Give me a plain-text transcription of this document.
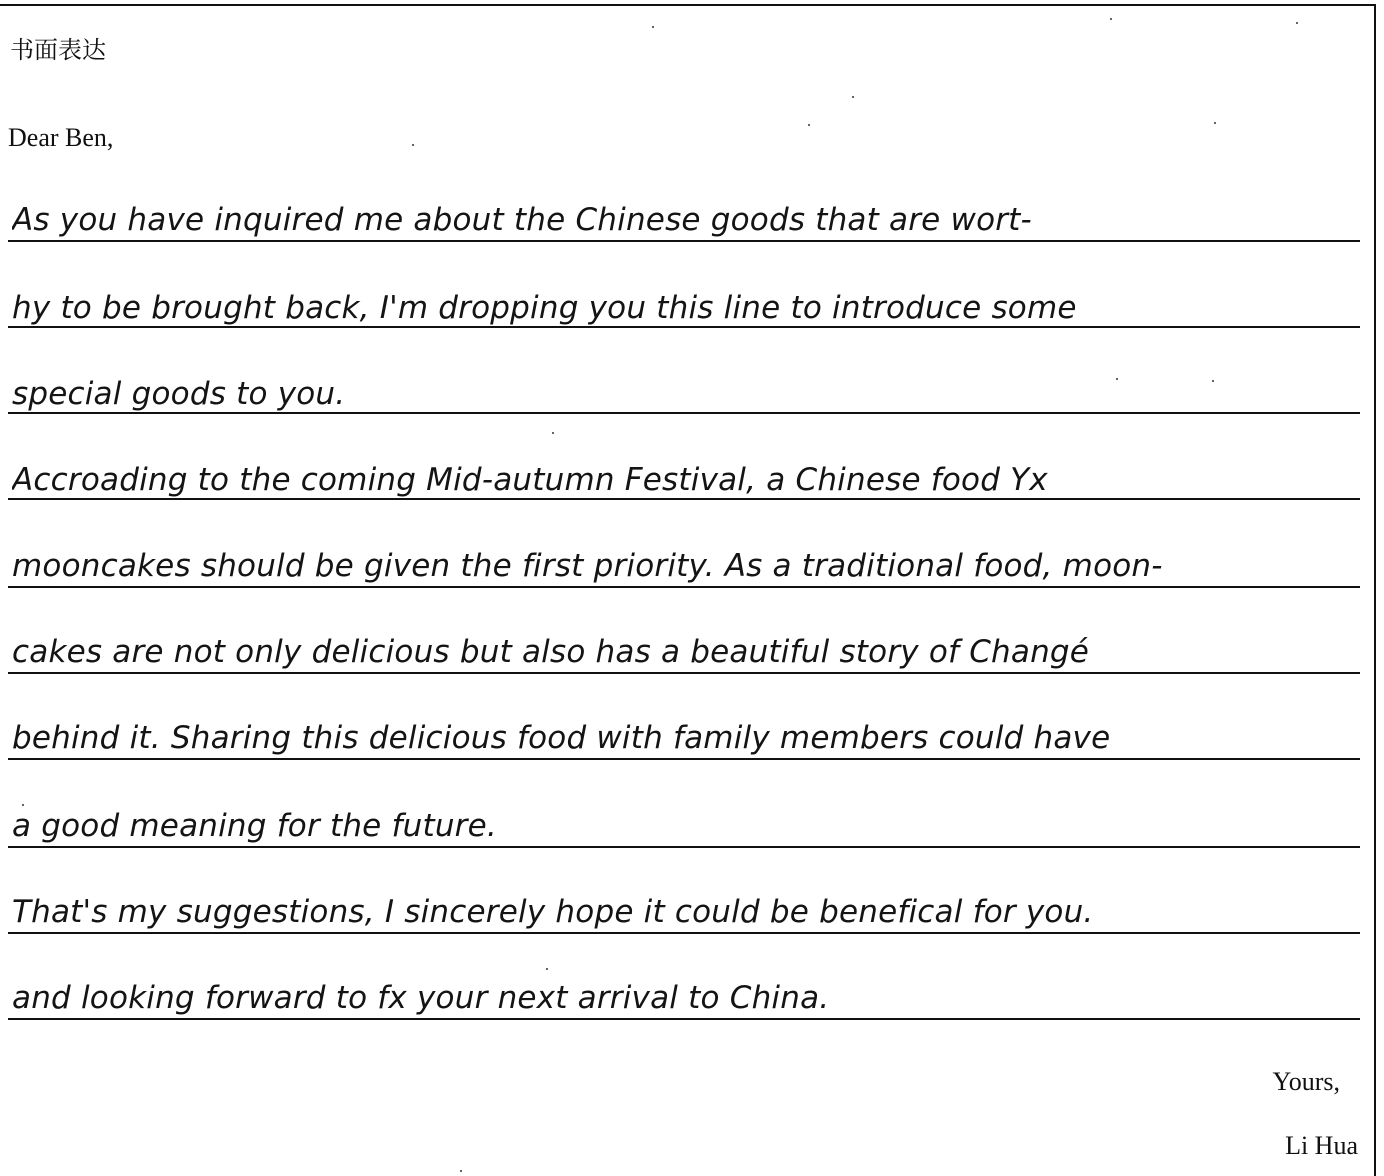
书面表达
Dear Ben,
As you have inquired me about the Chinese goods that are wort-
hy to be brought back, I'm dropping you this line to introduce some
special goods to you.
Accroading to the coming Mid-autumn Festival, a Chinese food Yx
mooncakes should be given the first priority. As a traditional food, moon-
cakes are not only delicious but also has a beautiful story of Changé
behind it. Sharing this delicious food with family members could have
a good meaning for the future.
That's my suggestions, I sincerely hope it could be benefical for you.
and looking forward to fx your next arrival to China.
Yours,
Li Hua
